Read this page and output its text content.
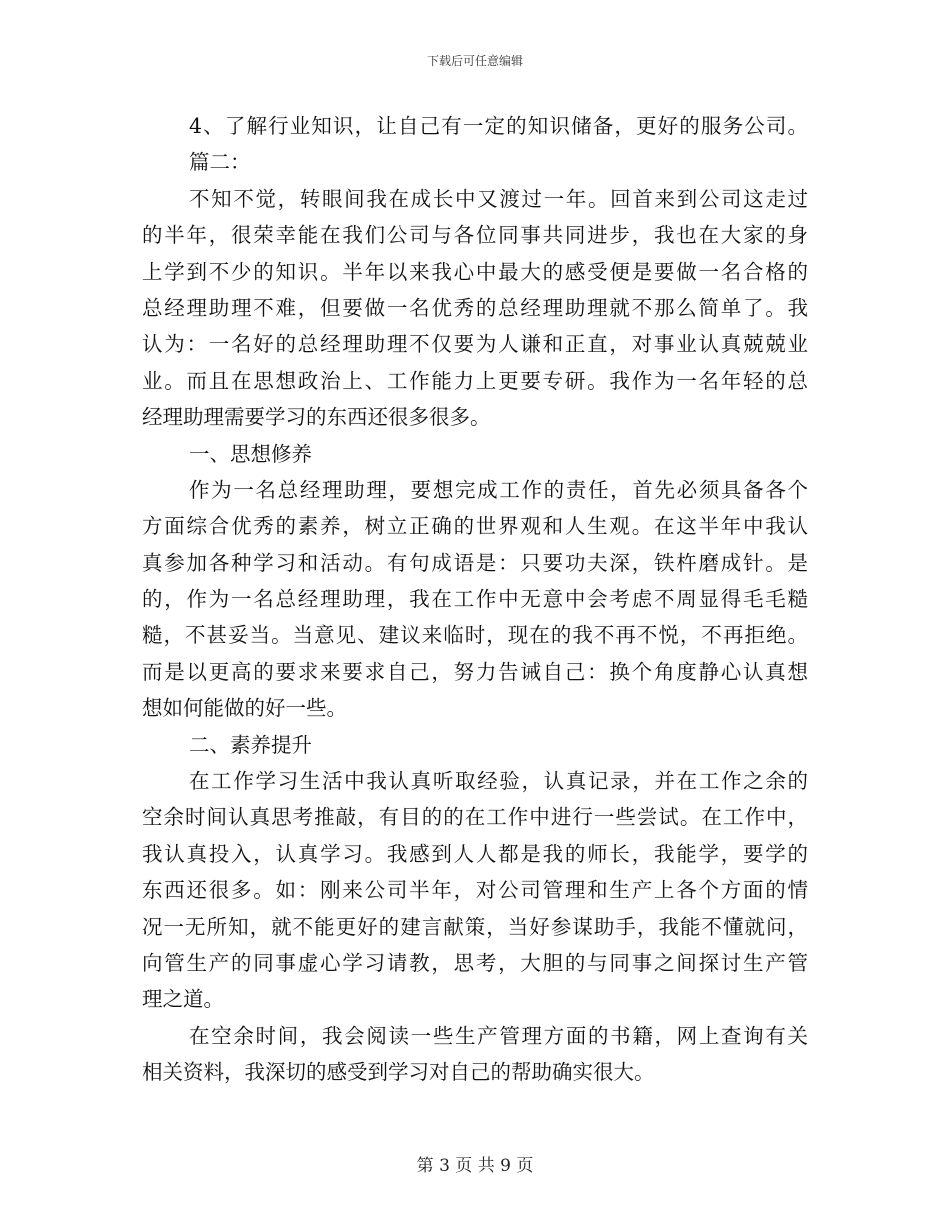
下载后可任意编辑
4、了解行业知识，让自己有一定的知识储备，更好的服务公司。
篇二：
不知不觉，转眼间我在成长中又渡过一年。回首来到公司这走过
的半年，很荣幸能在我们公司与各位同事共同进步，我也在大家的身
上学到不少的知识。半年以来我心中最大的感受便是要做一名合格的
总经理助理不难，但要做一名优秀的总经理助理就不那么简单了。我
认为：一名好的总经理助理不仅要为人谦和正直，对事业认真兢兢业
业。而且在思想政治上、工作能力上更要专研。我作为一名年轻的总
经理助理需要学习的东西还很多很多。
一、思想修养
作为一名总经理助理，要想完成工作的责任，首先必须具备各个
方面综合优秀的素养，树立正确的世界观和人生观。在这半年中我认
真参加各种学习和活动。有句成语是：只要功夫深，铁杵磨成针。是
的，作为一名总经理助理，我在工作中无意中会考虑不周显得毛毛糙
糙，不甚妥当。当意见、建议来临时，现在的我不再不悦，不再拒绝。
而是以更高的要求来要求自己，努力告诫自己：换个角度静心认真想
想如何能做的好一些。
二、素养提升
在工作学习生活中我认真听取经验，认真记录，并在工作之余的
空余时间认真思考推敲，有目的的在工作中进行一些尝试。在工作中，
我认真投入，认真学习。我感到人人都是我的师长，我能学，要学的
东西还很多。如：刚来公司半年，对公司管理和生产上各个方面的情
况一无所知，就不能更好的建言献策，当好参谋助手，我能不懂就问，
向管生产的同事虚心学习请教，思考，大胆的与同事之间探讨生产管
理之道。
在空余时间，我会阅读一些生产管理方面的书籍，网上查询有关
相关资料，我深切的感受到学习对自己的帮助确实很大。
第 3 页 共 9 页
